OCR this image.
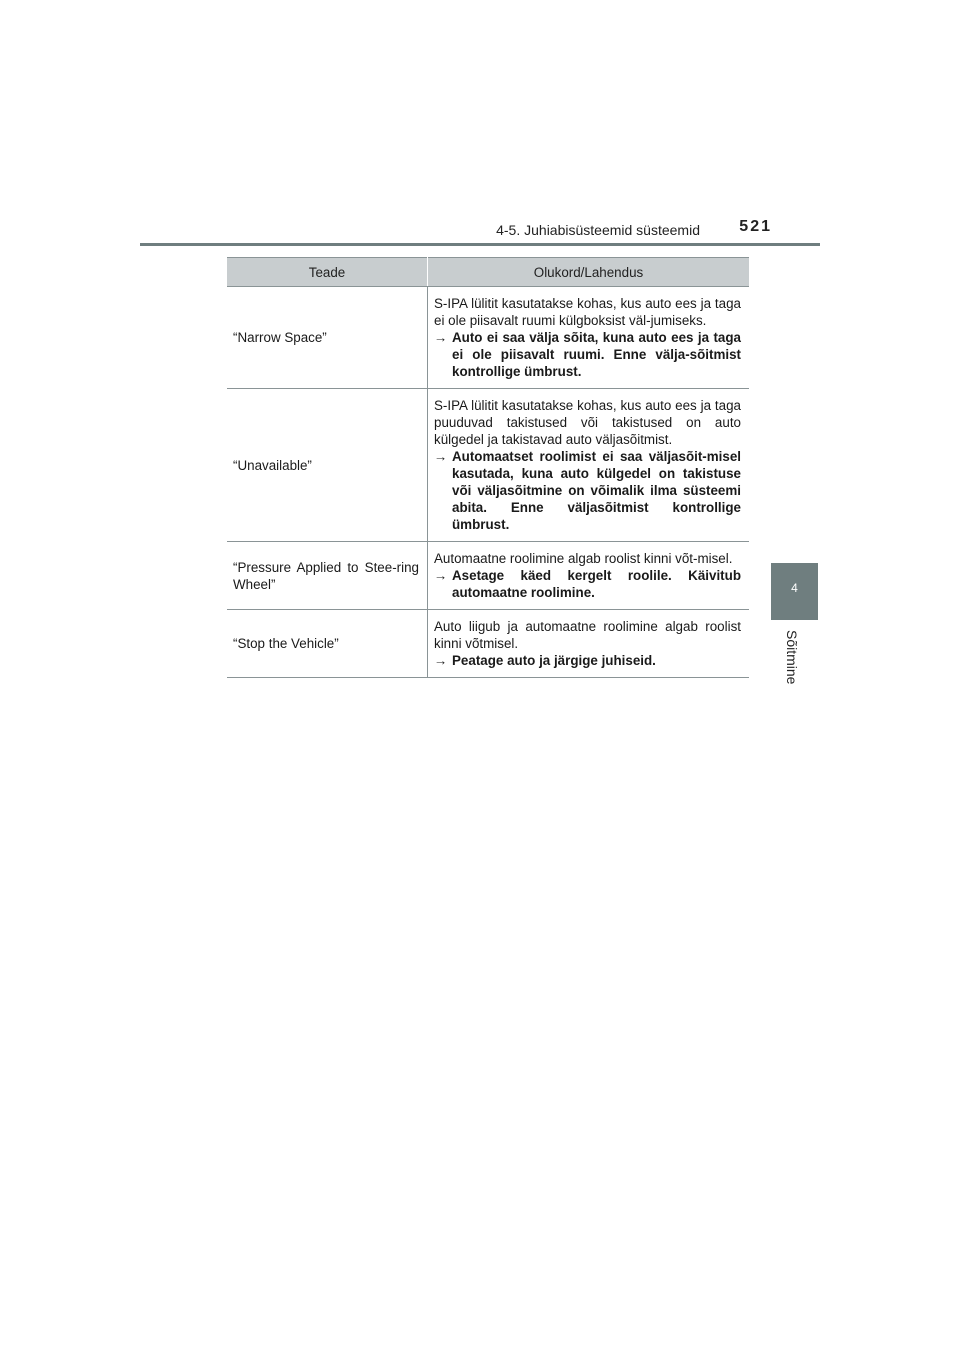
4-5. Juhiabisüsteemid süsteemid 521
4
Sõitmine
Teade	Olukord/Lahendus
“Narrow Space”	S-IPA lülitit kasutatakse kohas, kus auto ees ja taga ei ole piisavalt ruumi külgboksist väl-jumiseks.

→ Auto ei saa välja sõita, kuna auto ees ja taga ei ole piisavalt ruumi. Enne välja-sõitmist kontrollige ümbrust.

“Unavailable”	S-IPA lülitit kasutatakse kohas, kus auto ees ja taga puuduvad takistused või takistused on auto külgedel ja takistavad auto väljasõitmist.

→ Automaatset roolimist ei saa väljasõit-misel kasutada, kuna auto külgedel on takistuse või väljasõitmine on võimalik ilma süsteemi abita. Enne väljasõitmist kontrollige ümbrust.

“Pressure Applied to Stee-ring Wheel”	Automaatne roolimine algab roolist kinni võt-misel.

→ Asetage käed kergelt roolile. Käivitub automaatne roolimine.

“Stop the Vehicle”	Auto liigub ja automaatne roolimine algab roolist kinni võtmisel.

→ Peatage auto ja järgige juhiseid.
